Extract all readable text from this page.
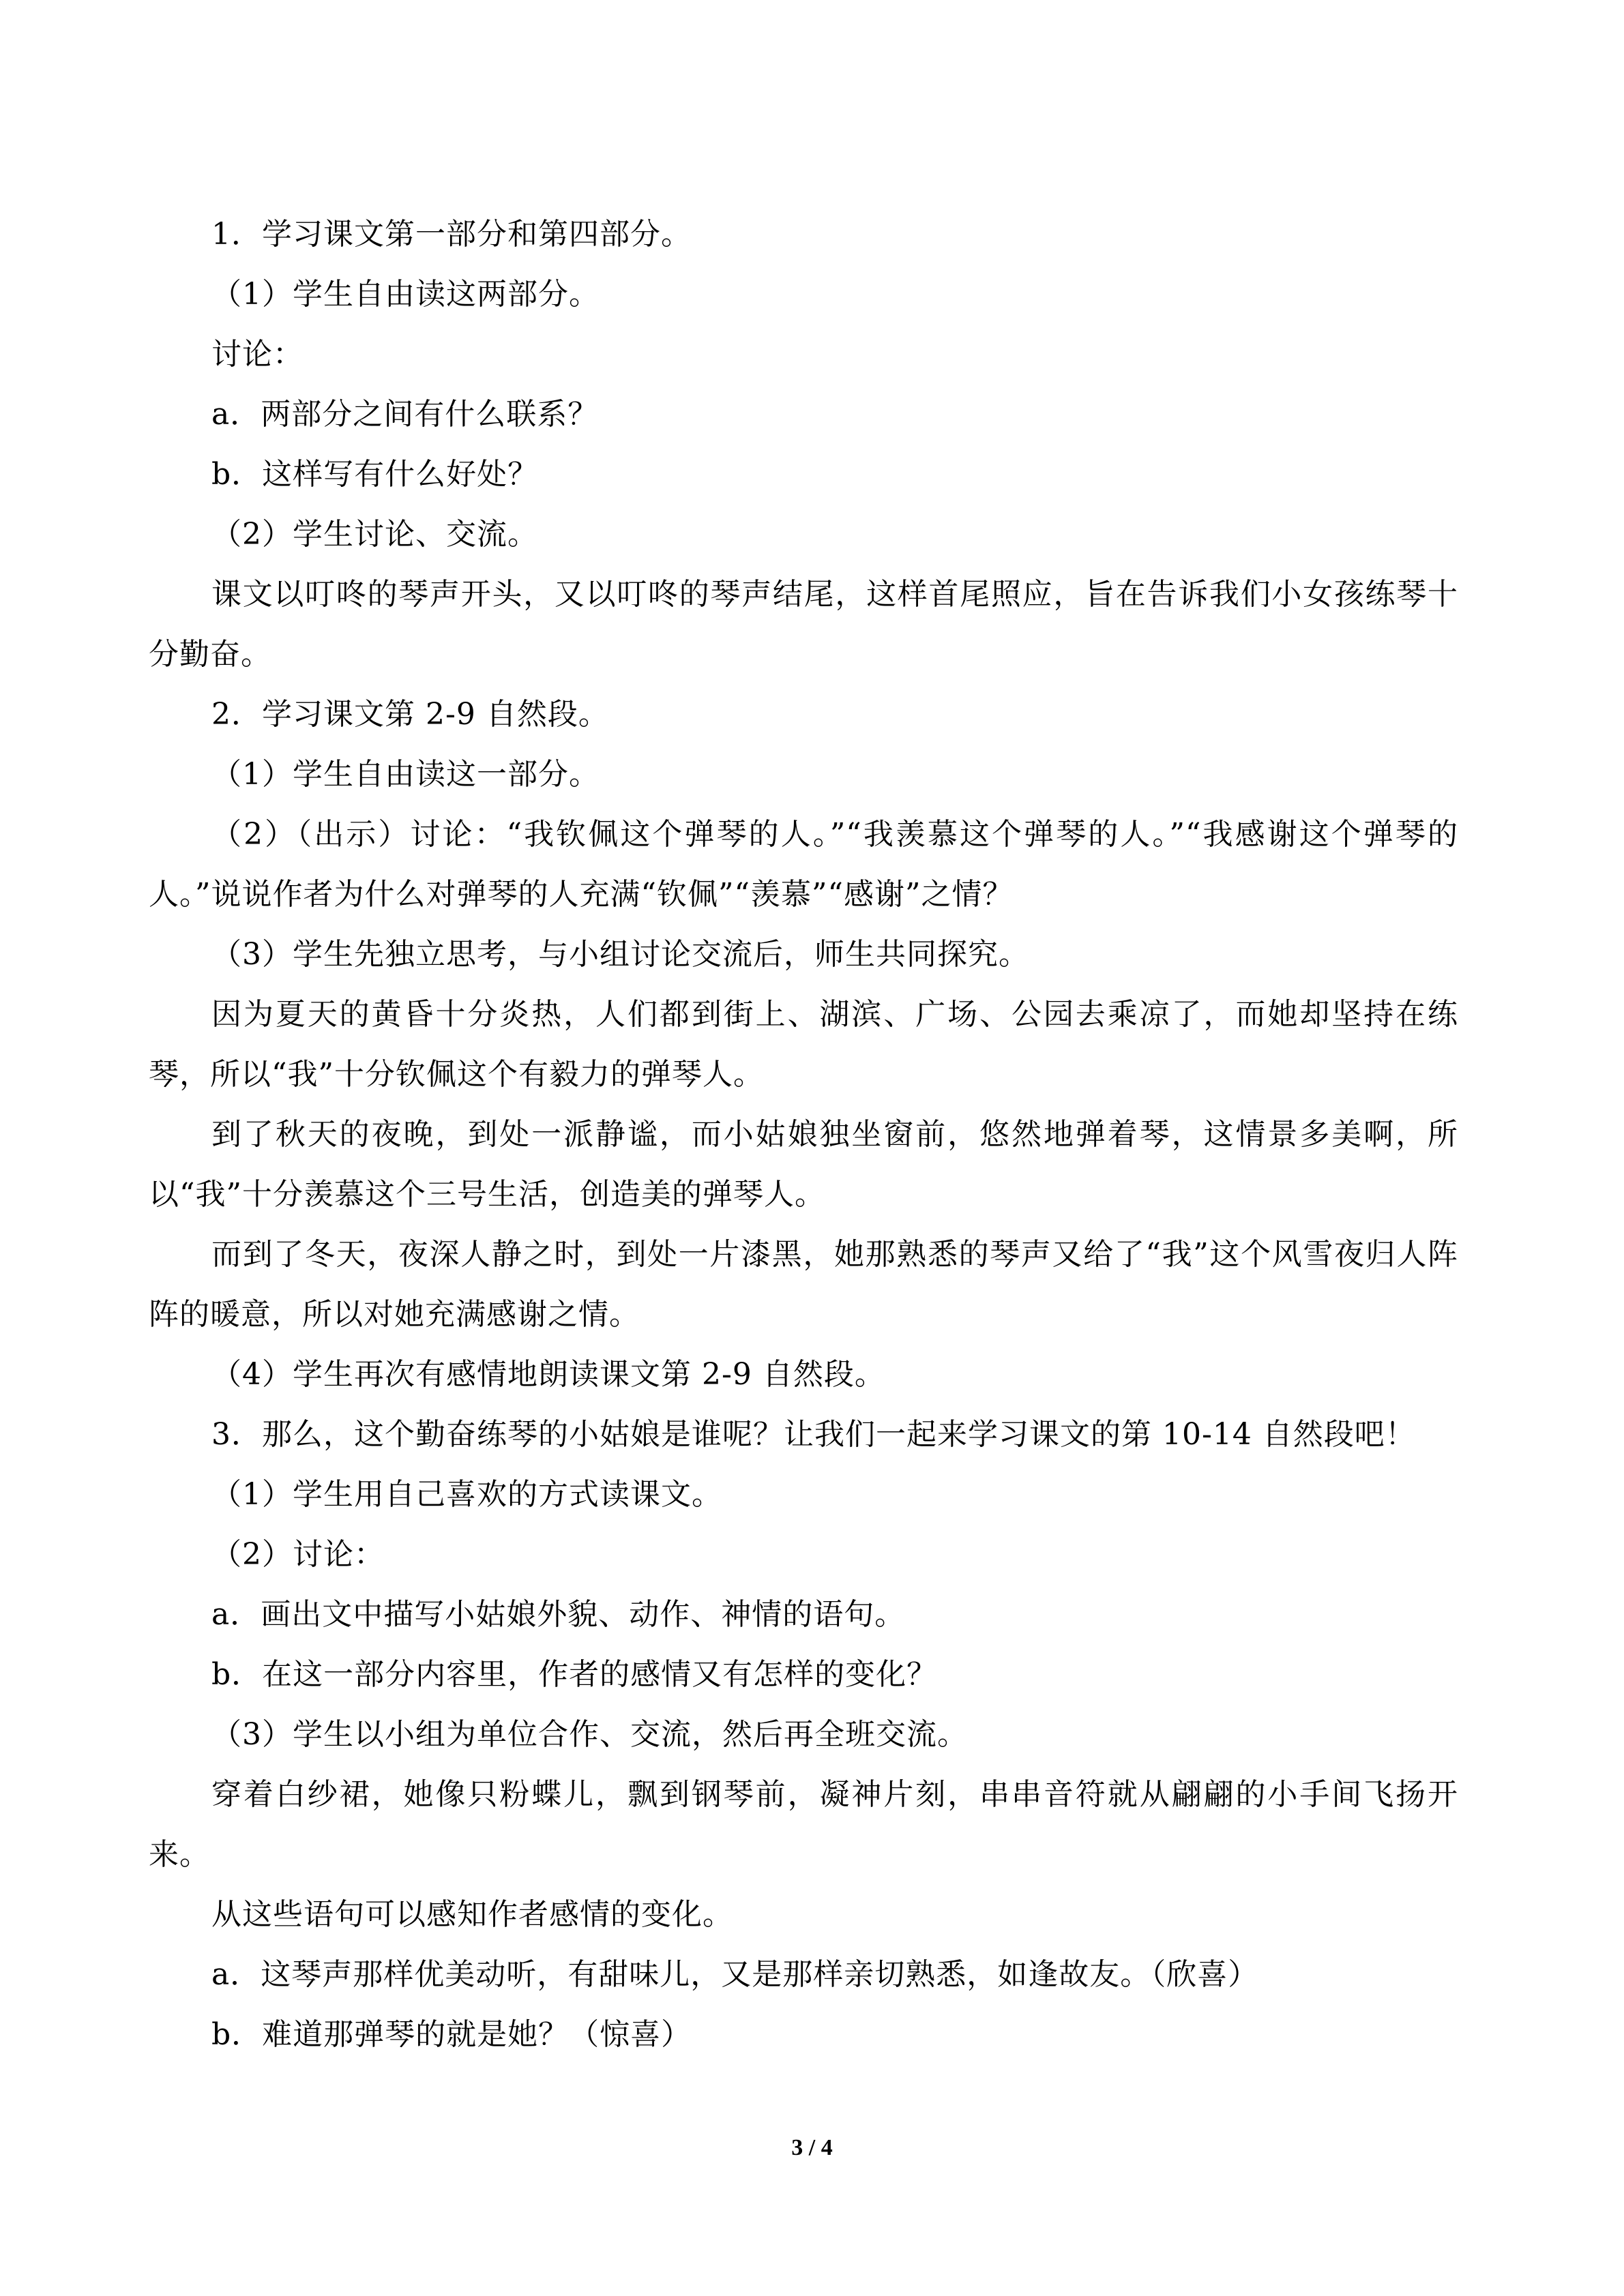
1．学习课文第一部分和第四部分。

（1）学生自由读这两部分。

讨论：

a．两部分之间有什么联系？

b．这样写有什么好处？

（2）学生讨论、交流。

课文以叮咚的琴声开头，又以叮咚的琴声结尾，这样首尾照应，旨在告诉我们小女孩练琴十分勤奋。

2．学习课文第 2-9 自然段。

（1）学生自由读这一部分。

（2）（出示）讨论：“我钦佩这个弹琴的人。”“我羡慕这个弹琴的人。”“我感谢这个弹琴的人。”说说作者为什么对弹琴的人充满“钦佩”“羡慕”“感谢”之情？

（3）学生先独立思考，与小组讨论交流后，师生共同探究。

因为夏天的黄昏十分炎热，人们都到街上、湖滨、广场、公园去乘凉了，而她却坚持在练琴，所以“我”十分钦佩这个有毅力的弹琴人。

到了秋天的夜晚，到处一派静谧，而小姑娘独坐窗前，悠然地弹着琴，这情景多美啊，所以“我”十分羡慕这个三号生活，创造美的弹琴人。

而到了冬天，夜深人静之时，到处一片漆黑，她那熟悉的琴声又给了“我”这个风雪夜归人阵阵的暖意，所以对她充满感谢之情。

（4）学生再次有感情地朗读课文第 2-9 自然段。

3．那么，这个勤奋练琴的小姑娘是谁呢？让我们一起来学习课文的第 10-14 自然段吧！

（1）学生用自己喜欢的方式读课文。

（2）讨论：

a．画出文中描写小姑娘外貌、动作、神情的语句。

b．在这一部分内容里，作者的感情又有怎样的变化？

（3）学生以小组为单位合作、交流，然后再全班交流。

穿着白纱裙，她像只粉蝶儿，飘到钢琴前，凝神片刻，串串音符就从翩翩的小手间飞扬开来。

从这些语句可以感知作者感情的变化。

a．这琴声那样优美动听，有甜味儿，又是那样亲切熟悉，如逢故友。（欣喜）

b．难道那弹琴的就是她？（惊喜）

3 / 4
